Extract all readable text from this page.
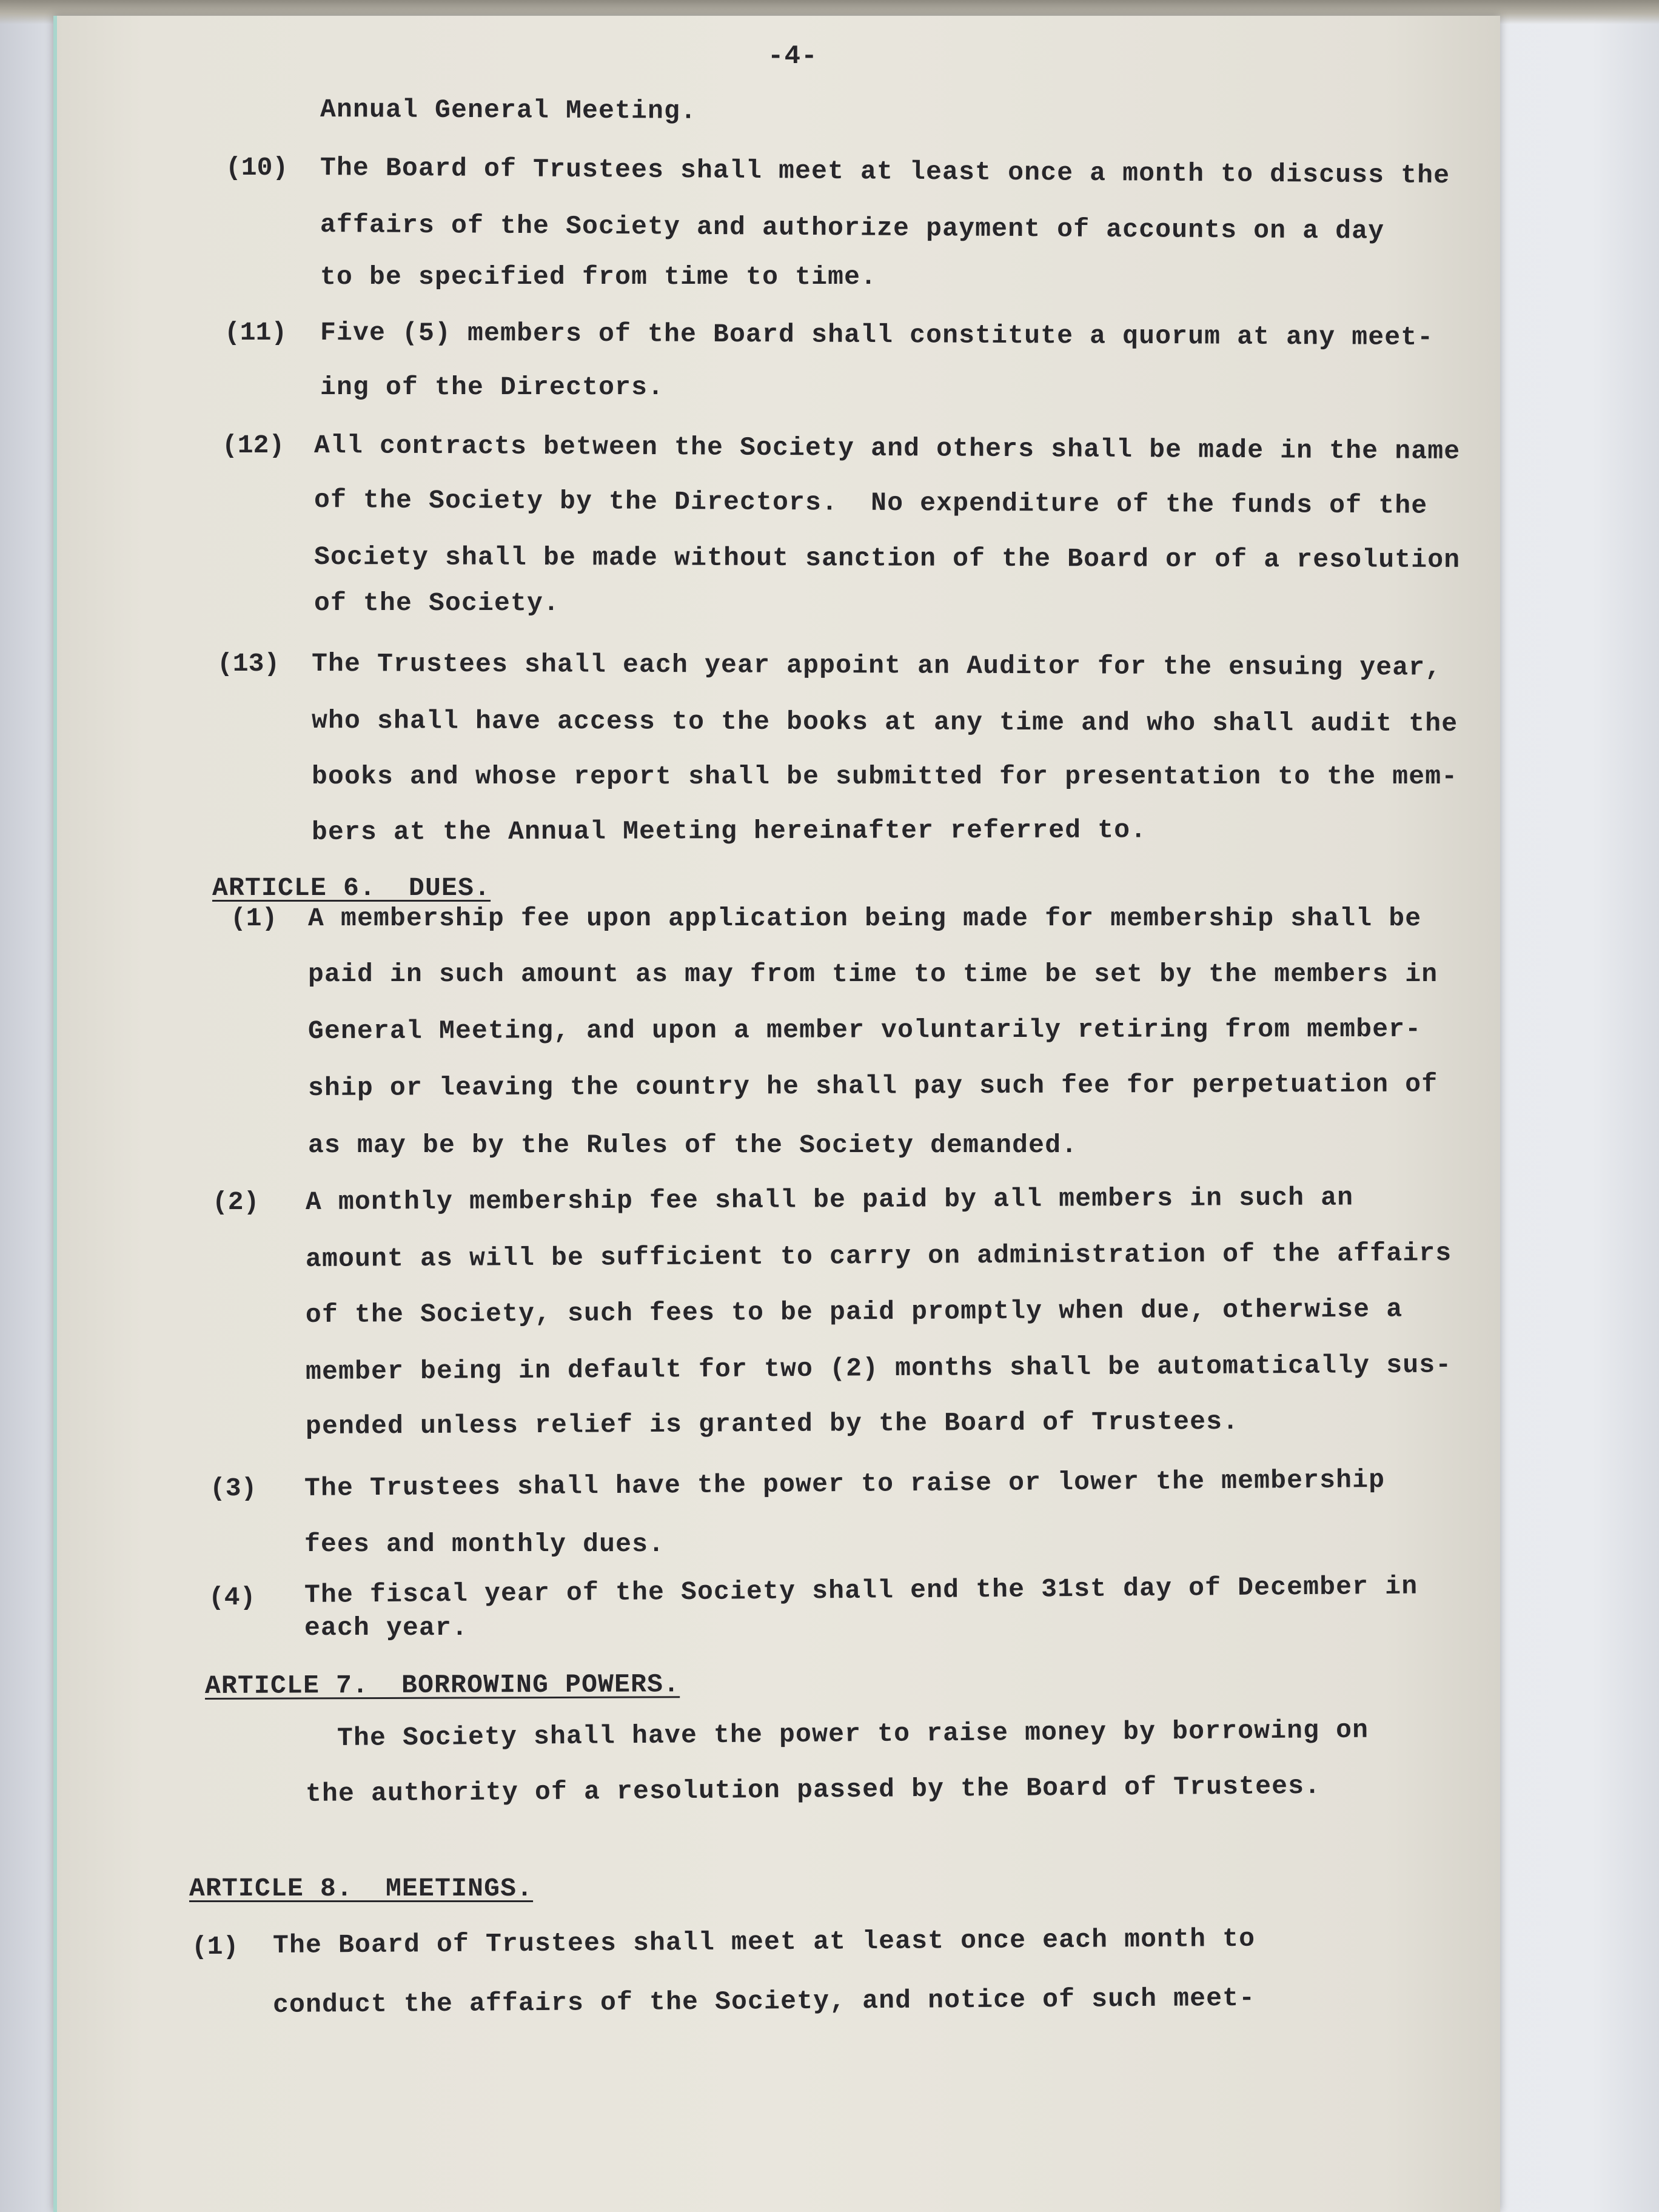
-4-
Annual General Meeting.
(10) The Board of Trustees shall meet at least once a month to discuss the
affairs of the Society and authorize payment of accounts on a day
to be specified from time to time.
(11) Five (5) members of the Board shall constitute a quorum at any meet-
ing of the Directors.
(12) All contracts between the Society and others shall be made in the name
of the Society by the Directors.  No expenditure of the funds of the
Society shall be made without sanction of the Board or of a resolution
of the Society.
(13) The Trustees shall each year appoint an Auditor for the ensuing year,
who shall have access to the books at any time and who shall audit the
books and whose report shall be submitted for presentation to the mem-
bers at the Annual Meeting hereinafter referred to.
ARTICLE 6.  DUES.
(1) A membership fee upon application being made for membership shall be
paid in such amount as may from time to time be set by the members in
General Meeting, and upon a member voluntarily retiring from member-
ship or leaving the country he shall pay such fee for perpetuation of
as may be by the Rules of the Society demanded.
(2) A monthly membership fee shall be paid by all members in such an
amount as will be sufficient to carry on administration of the affairs
of the Society, such fees to be paid promptly when due, otherwise a
member being in default for two (2) months shall be automatically sus-
pended unless relief is granted by the Board of Trustees.
(3) The Trustees shall have the power to raise or lower the membership
fees and monthly dues.
(4) The fiscal year of the Society shall end the 31st day of December in
each year.
ARTICLE 7.  BORROWING POWERS.
The Society shall have the power to raise money by borrowing on
the authority of a resolution passed by the Board of Trustees.
ARTICLE 8.  MEETINGS.
(1) The Board of Trustees shall meet at least once each month to
conduct the affairs of the Society, and notice of such meet-
